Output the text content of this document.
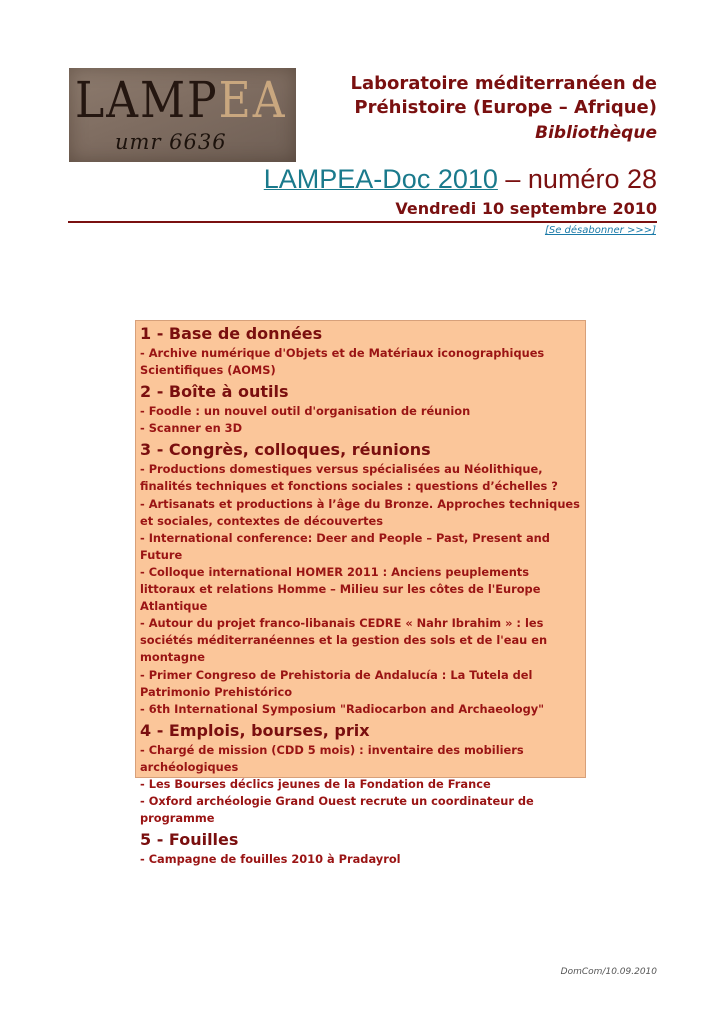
LAMPEA
umr 6636
Laboratoire méditerranéen de
Préhistoire (Europe – Afrique)
Bibliothèque
LAMPEA-Doc 2010 – numéro 28
Vendredi 10 septembre 2010
[Se désabonner >>>]
1 - Base de données
- Archive numérique d'Objets et de Matériaux iconographiques Scientifiques (AOMS)
2 - Boîte à outils
- Foodle : un nouvel outil d'organisation de réunion
- Scanner en 3D
3 - Congrès, colloques, réunions
- Productions domestiques versus spécialisées au Néolithique, finalités techniques et fonctions sociales : questions d’échelles ?
- Artisanats et productions à l’âge du Bronze. Approches techniques et sociales, contextes de découvertes
- International conference: Deer and People – Past, Present and Future
- Colloque international HOMER 2011 : Anciens peuplements littoraux et relations Homme – Milieu sur les côtes de l'Europe Atlantique
- Autour du projet franco-libanais CEDRE « Nahr Ibrahim » : les sociétés méditerranéennes et la gestion des sols et de l'eau en montagne
- Primer Congreso de Prehistoria de Andalucía : La Tutela del Patrimonio Prehistórico
- 6th International Symposium "Radiocarbon and Archaeology"
4 - Emplois, bourses, prix
- Chargé de mission (CDD 5 mois) : inventaire des mobiliers archéologiques
- Les Bourses déclics jeunes de la Fondation de France
- Oxford archéologie Grand Ouest recrute un coordinateur de programme
5 - Fouilles
- Campagne de fouilles 2010 à Pradayrol
DomCom/10.09.2010
